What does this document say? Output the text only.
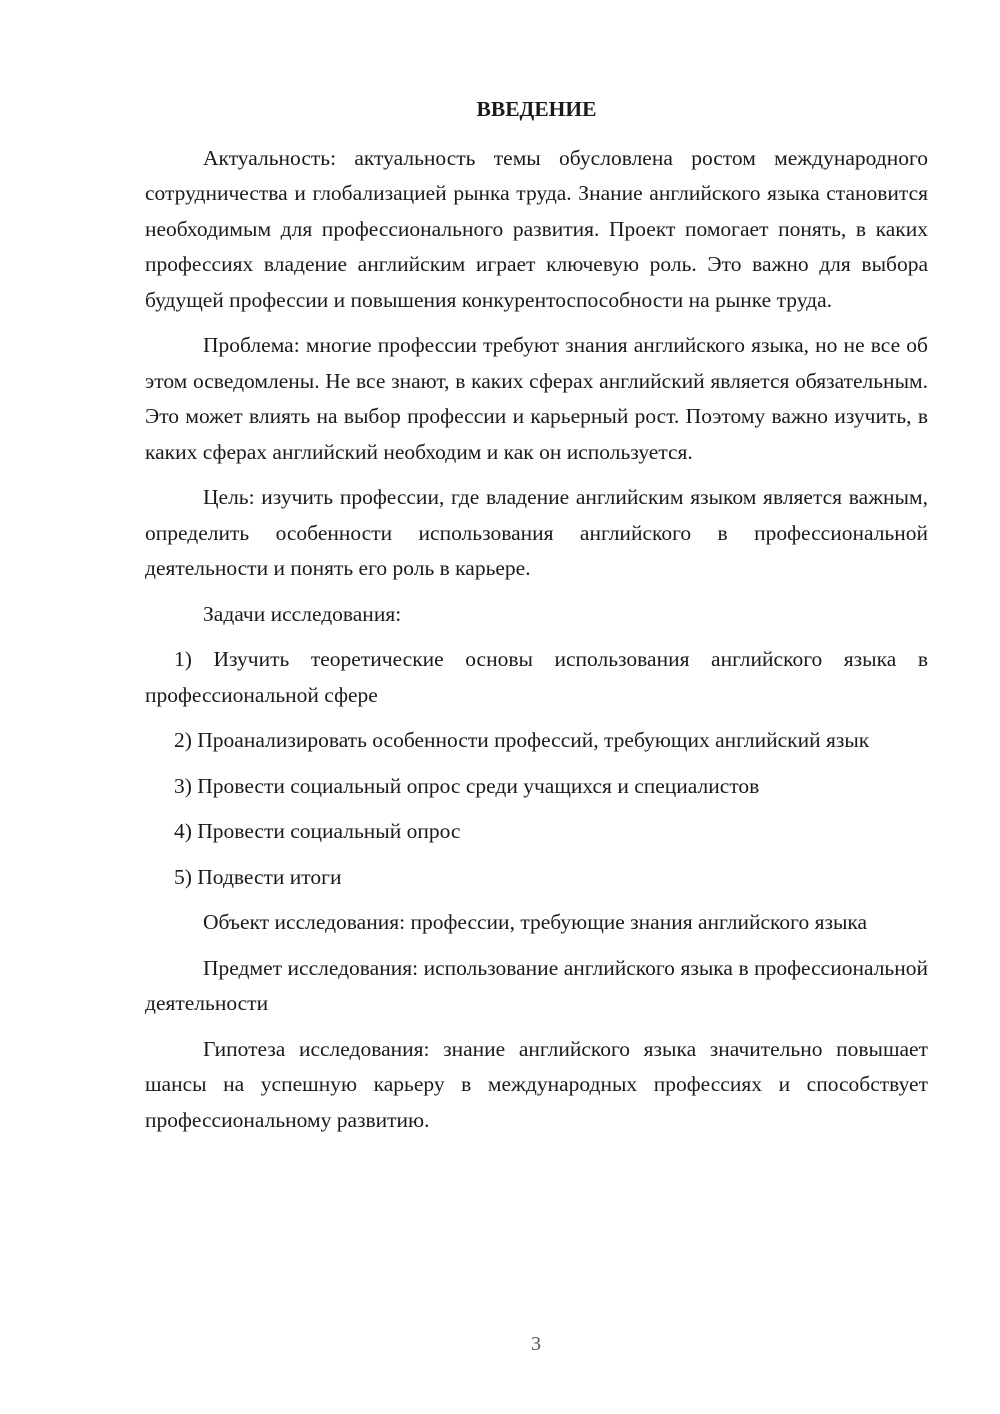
ВВЕДЕНИЕ

Актуальность: актуальность темы обусловлена ростом международного сотрудничества и глобализацией рынка труда. Знание английского языка становится необходимым для профессионального развития. Проект помогает понять, в каких профессиях владение английским играет ключевую роль. Это важно для выбора будущей профессии и повышения конкурентоспособности на рынке труда.

Проблема: многие профессии требуют знания английского языка, но не все об этом осведомлены. Не все знают, в каких сферах английский является обязательным. Это может влиять на выбор профессии и карьерный рост. Поэтому важно изучить, в каких сферах английский необходим и как он используется.

Цель: изучить профессии, где владение английским языком является важным, определить особенности использования английского в профессиональной деятельности и понять его роль в карьере.

Задачи исследования:

1) Изучить теоретические основы использования английского языка в профессиональной сфере

2) Проанализировать особенности профессий, требующих английский язык

3) Провести социальный опрос среди учащихся и специалистов

4) Провести социальный опрос

5) Подвести итоги

Объект исследования: профессии, требующие знания английского языка

Предмет исследования: использование английского языка в профессиональной деятельности

Гипотеза исследования: знание английского языка значительно повышает шансы на успешную карьеру в международных профессиях и способствует профессиональному развитию.

3
